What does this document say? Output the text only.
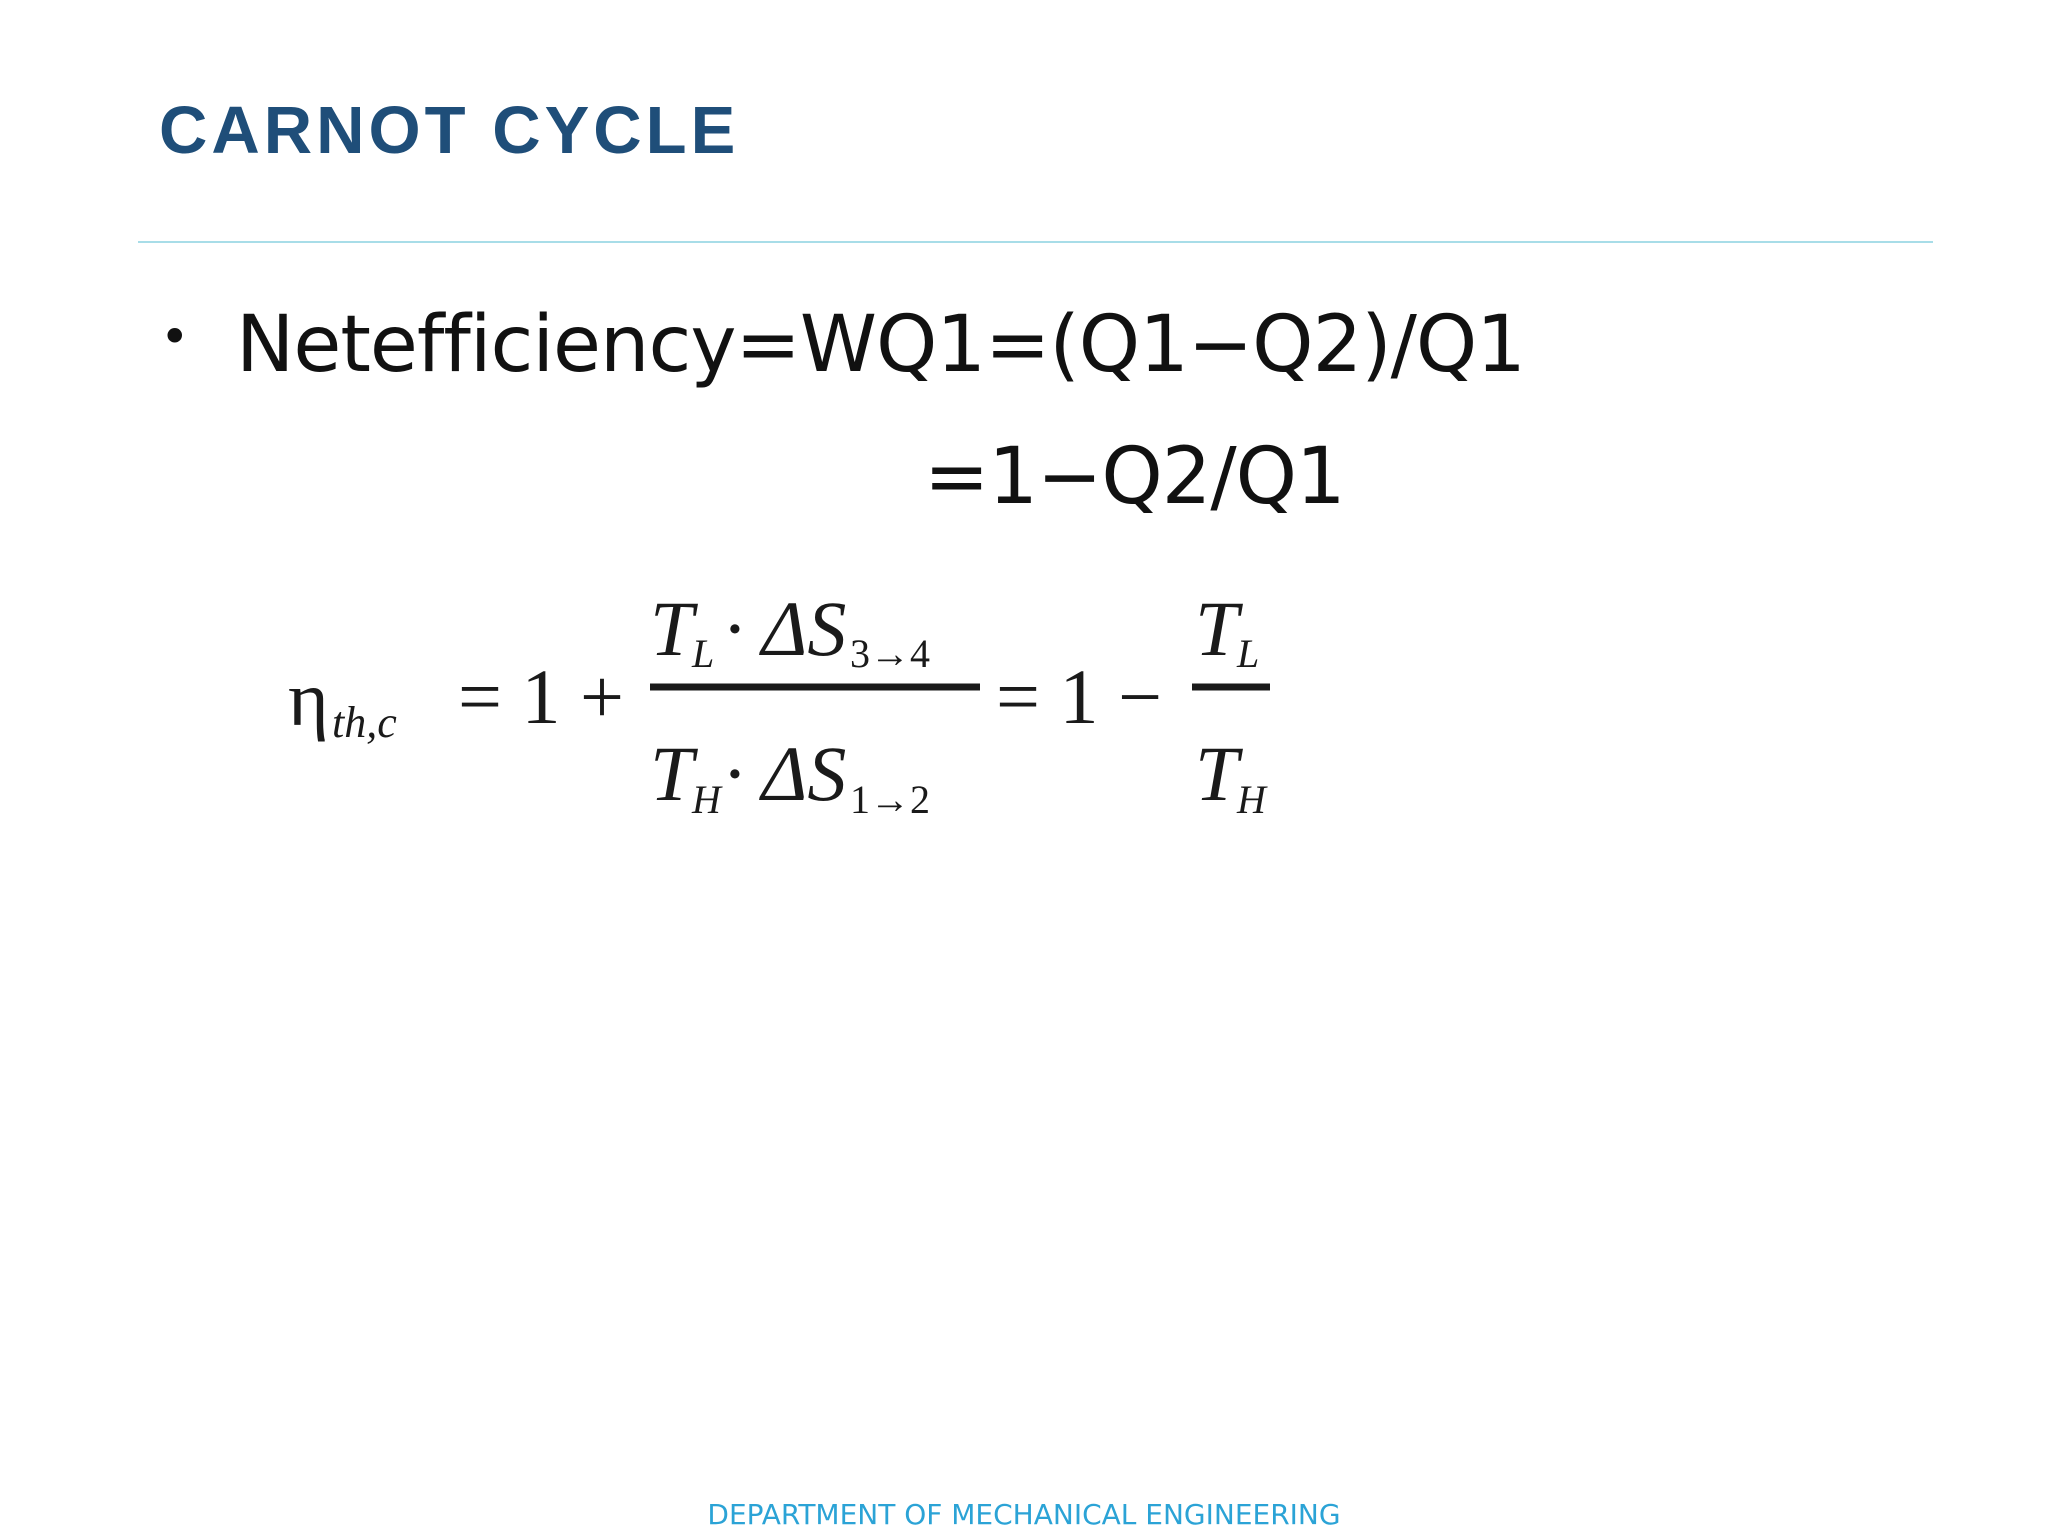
CARNOT CYCLE
• Netefficiency=WQ1=(Q1−Q2)/Q1
=1−Q2/Q1
η th,c = 1 +
T
L · ΔS 3→4
T
H · ΔS 1→2
= 1 −
T
L
T
H
DEPARTMENT OF MECHANICAL ENGINEERING
